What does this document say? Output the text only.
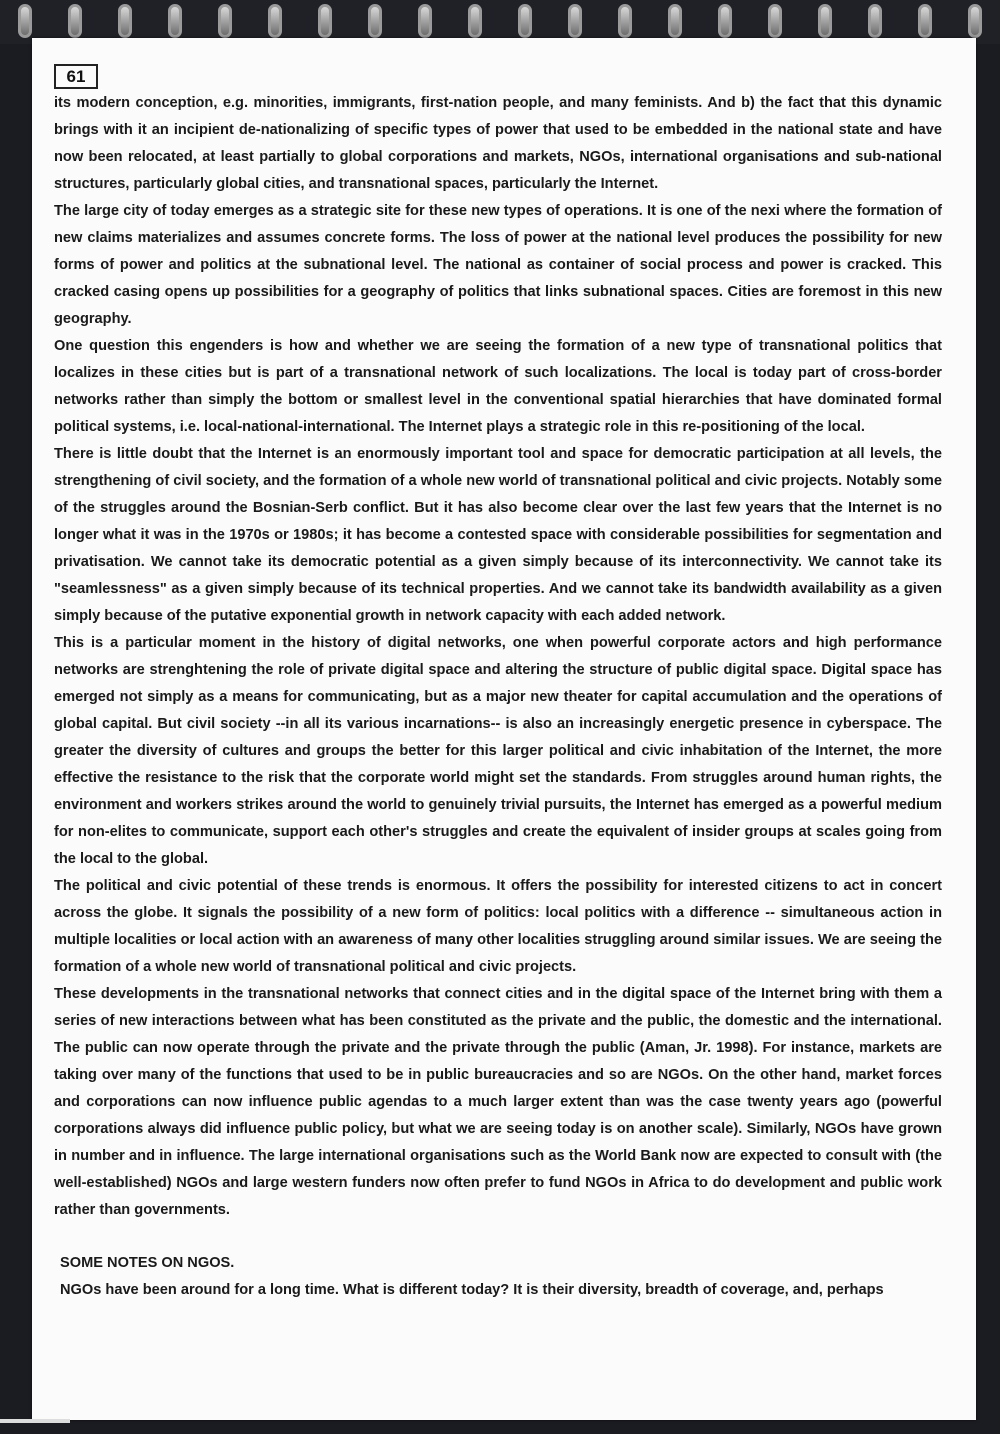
61

its modern conception, e.g. minorities, immigrants, first-nation people, and many feminists. And b) the fact that this dynamic brings with it an incipient de-nationalizing of specific types of power that used to be embedded in the national state and have now been relocated, at least partially to global corporations and markets, NGOs, international organisations and sub-national structures, particularly global cities, and transnational spaces, particularly the Internet.

The large city of today emerges as a strategic site for these new types of operations. It is one of the nexi where the formation of new claims materializes and assumes concrete forms. The loss of power at the national level produces the possibility for new forms of power and politics at the subnational level. The national as container of social process and power is cracked. This cracked casing opens up possibilities for a geography of politics that links subnational spaces. Cities are foremost in this new geography.

One question this engenders is how and whether we are seeing the formation of a new type of transnational politics that localizes in these cities but is part of a transnational network of such localizations. The local is today part of cross-border networks rather than simply the bottom or smallest level in the conventional spatial hierarchies that have dominated formal political systems, i.e. local-national-international. The Internet plays a strategic role in this re-positioning of the local.

There is little doubt that the Internet is an enormously important tool and space for democratic participation at all levels, the strengthening of civil society, and the formation of a whole new world of transnational political and civic projects. Notably some of the struggles around the Bosnian-Serb conflict. But it has also become clear over the last few years that the Internet is no longer what it was in the 1970s or 1980s; it has become a contested space with considerable possibilities for segmentation and privatisation. We cannot take its democratic potential as a given simply because of its interconnectivity. We cannot take its "seamlessness" as a given simply because of its technical properties. And we cannot take its bandwidth availability as a given simply because of the putative exponential growth in network capacity with each added network.

This is a particular moment in the history of digital networks, one when powerful corporate actors and high performance networks are strenghtening the role of private digital space and altering the structure of public digital space. Digital space has emerged not simply as a means for communicating, but as a major new theater for capital accumulation and the operations of global capital. But civil society --in all its various incarnations-- is also an increasingly energetic presence in cyberspace. The greater the diversity of cultures and groups the better for this larger political and civic inhabitation of the Internet, the more effective the resistance to the risk that the corporate world might set the standards. From struggles around human rights, the environment and workers strikes around the world to genuinely trivial pursuits, the Internet has emerged as a powerful medium for non-elites to communicate, support each other's struggles and create the equivalent of insider groups at scales going from the local to the global.

The political and civic potential of these trends is enormous. It offers the possibility for interested citizens to act in concert across the globe. It signals the possibility of a new form of politics: local politics with a difference -- simultaneous action in multiple localities or local action with an awareness of many other localities struggling around similar issues. We are seeing the formation of a whole new world of transnational political and civic projects.

These developments in the transnational networks that connect cities and in the digital space of the Internet bring with them a series of new interactions between what has been constituted as the private and the public, the domestic and the international. The public can now operate through the private and the private through the public (Aman, Jr. 1998). For instance, markets are taking over many of the functions that used to be in public bureaucracies and so are NGOs. On the other hand, market forces and corporations can now influence public agendas to a much larger extent than was the case twenty years ago (powerful corporations always did influence public policy, but what we are seeing today is on another scale). Similarly, NGOs have grown in number and in influence. The large international organisations such as the World Bank now are expected to consult with (the well-established) NGOs and large western funders now often prefer to fund NGOs in Africa to do development and public work rather than governments.

SOME NOTES ON NGOS.

NGOs have been around for a long time. What is different today? It is their diversity, breadth of coverage, and, perhaps
